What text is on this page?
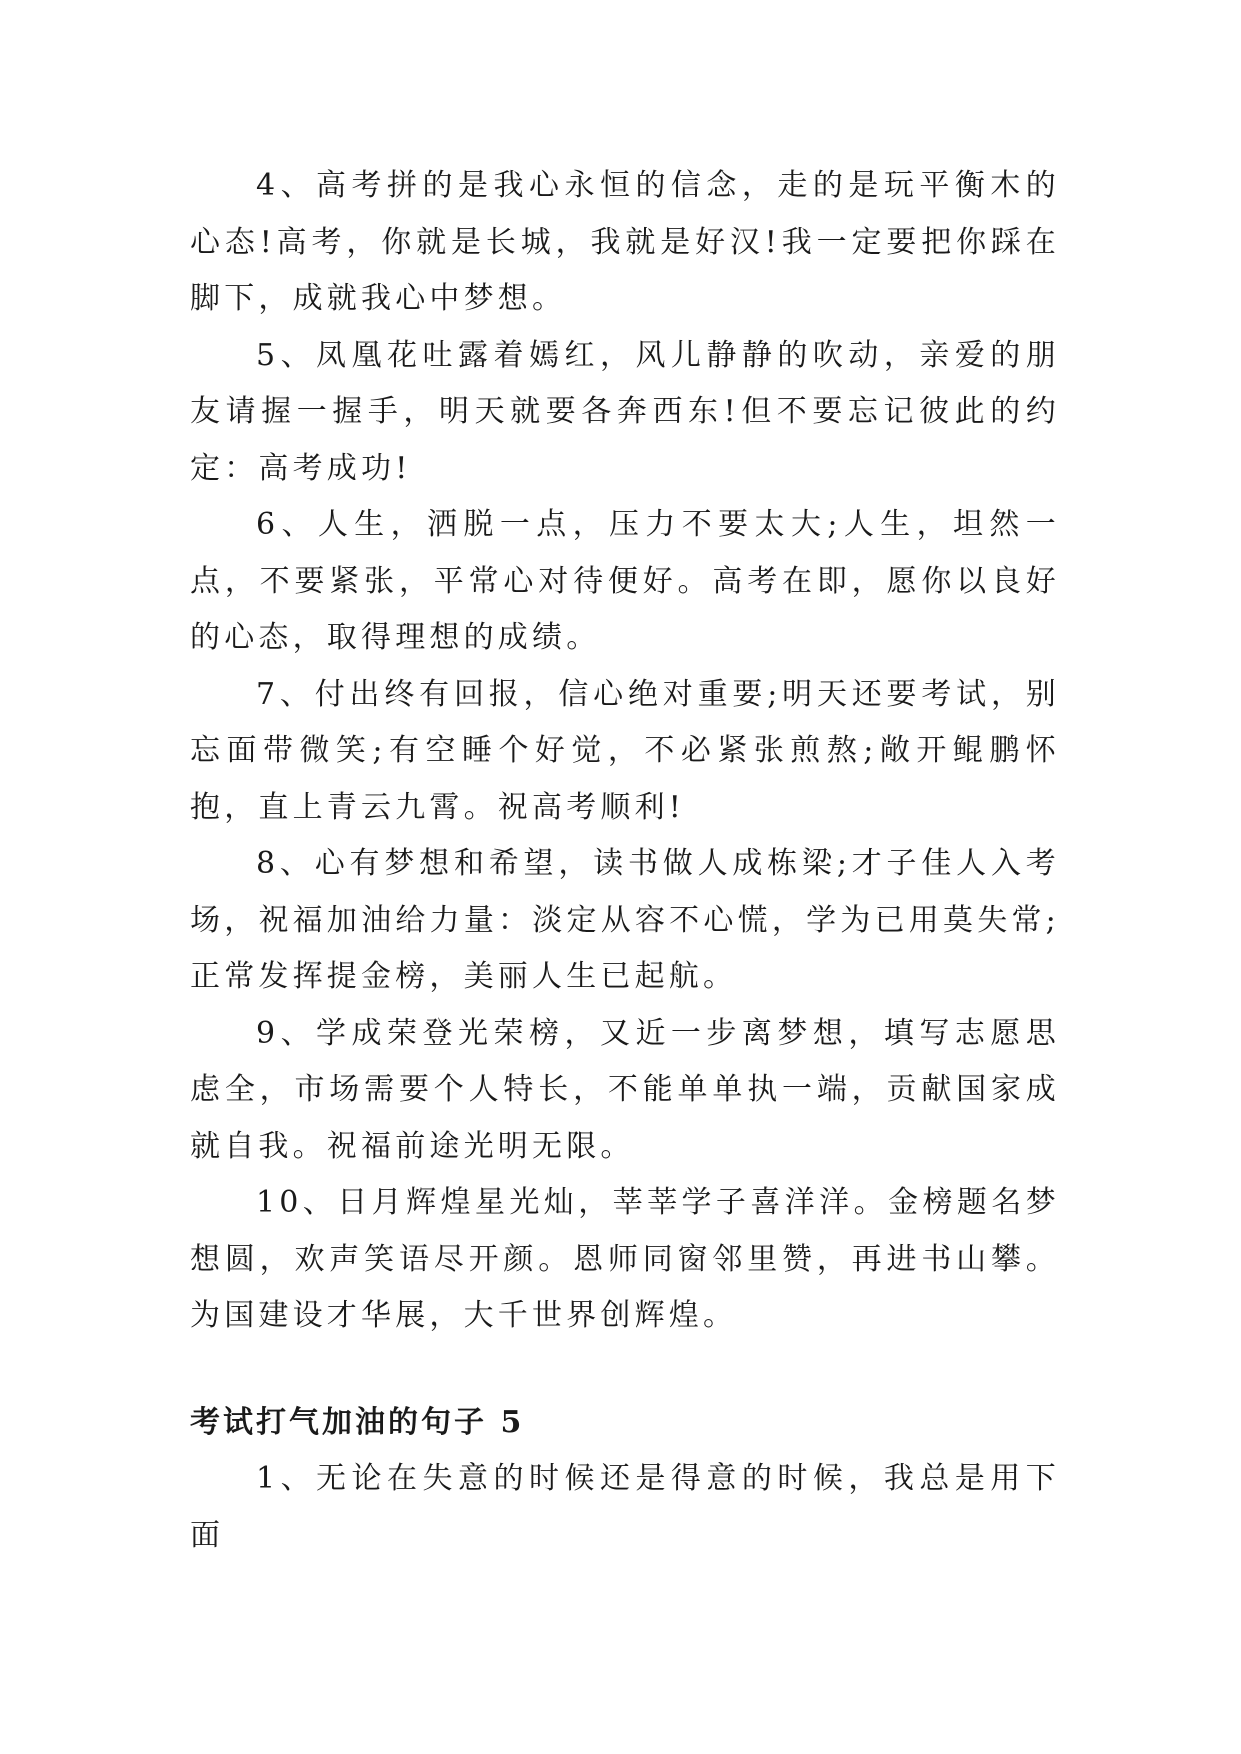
4、高考拼的是我心永恒的信念，走的是玩平衡木的心态!高考，你就是长城，我就是好汉!我一定要把你踩在脚下，成就我心中梦想。

5、凤凰花吐露着嫣红，风儿静静的吹动，亲爱的朋友请握一握手，明天就要各奔西东!但不要忘记彼此的约定：高考成功!

6、人生，洒脱一点，压力不要太大;人生，坦然一点，不要紧张，平常心对待便好。高考在即，愿你以良好的心态，取得理想的成绩。

7、付出终有回报，信心绝对重要;明天还要考试，别忘面带微笑;有空睡个好觉，不必紧张煎熬;敞开鲲鹏怀抱，直上青云九霄。祝高考顺利!

8、心有梦想和希望，读书做人成栋梁;才子佳人入考场，祝福加油给力量：淡定从容不心慌，学为已用莫失常;正常发挥提金榜，美丽人生已起航。

9、学成荣登光荣榜，又近一步离梦想，填写志愿思虑全，市场需要个人特长，不能单单执一端，贡献国家成就自我。祝福前途光明无限。

10、日月辉煌星光灿，莘莘学子喜洋洋。金榜题名梦想圆，欢声笑语尽开颜。恩师同窗邻里赞，再进书山攀。为国建设才华展，大千世界创辉煌。

考试打气加油的句子 5

1、无论在失意的时候还是得意的时候，我总是用下面
